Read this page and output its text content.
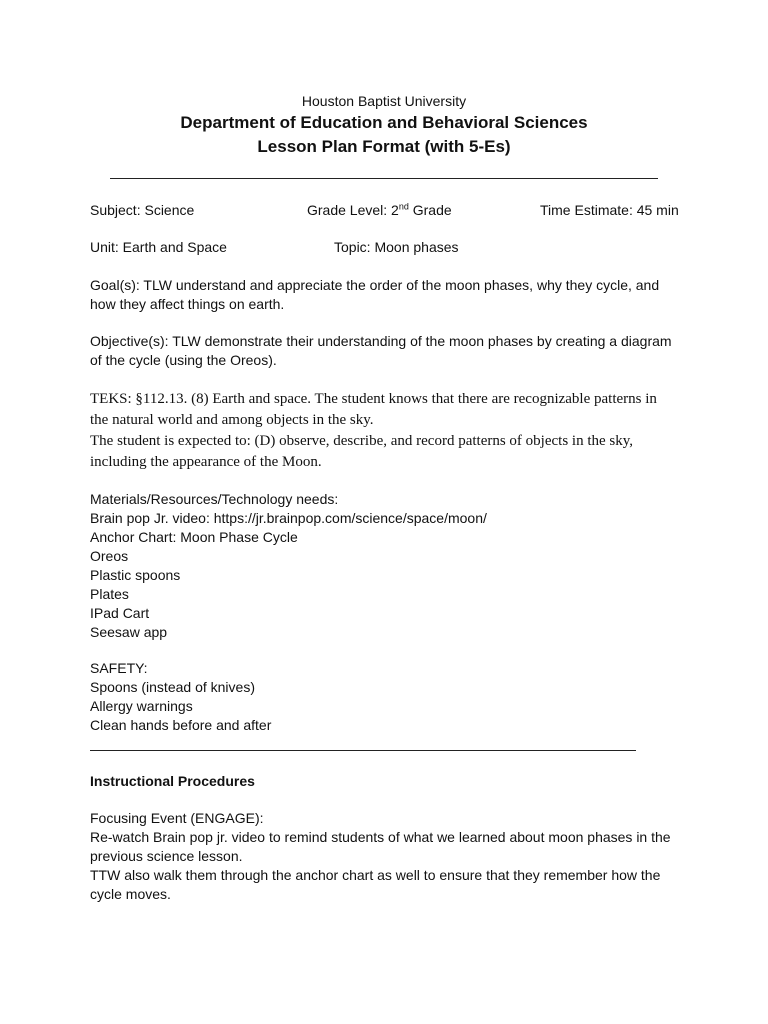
Houston Baptist University
Department of Education and Behavioral Sciences
Lesson Plan Format (with 5-Es)
Subject: Science	Grade Level: 2nd Grade	Time Estimate: 45 min
Unit: Earth and Space	Topic: Moon phases
Goal(s): TLW understand and appreciate the order of the moon phases, why they cycle, and
how they affect things on earth.
Objective(s): TLW demonstrate their understanding of the moon phases by creating a diagram
of the cycle (using the Oreos).
TEKS: §112.13. (8) Earth and space. The student knows that there are recognizable patterns in
the natural world and among objects in the sky.
The student is expected to: (D) observe, describe, and record patterns of objects in the sky,
including the appearance of the Moon.
Materials/Resources/Technology needs:
Brain pop Jr. video: https://jr.brainpop.com/science/space/moon/
Anchor Chart: Moon Phase Cycle
Oreos
Plastic spoons
Plates
IPad Cart
Seesaw app
SAFETY:
Spoons (instead of knives)
Allergy warnings
Clean hands before and after
Instructional Procedures
Focusing Event (ENGAGE):
Re-watch Brain pop jr. video to remind students of what we learned about moon phases in the
previous science lesson.
TTW also walk them through the anchor chart as well to ensure that they remember how the
cycle moves.
